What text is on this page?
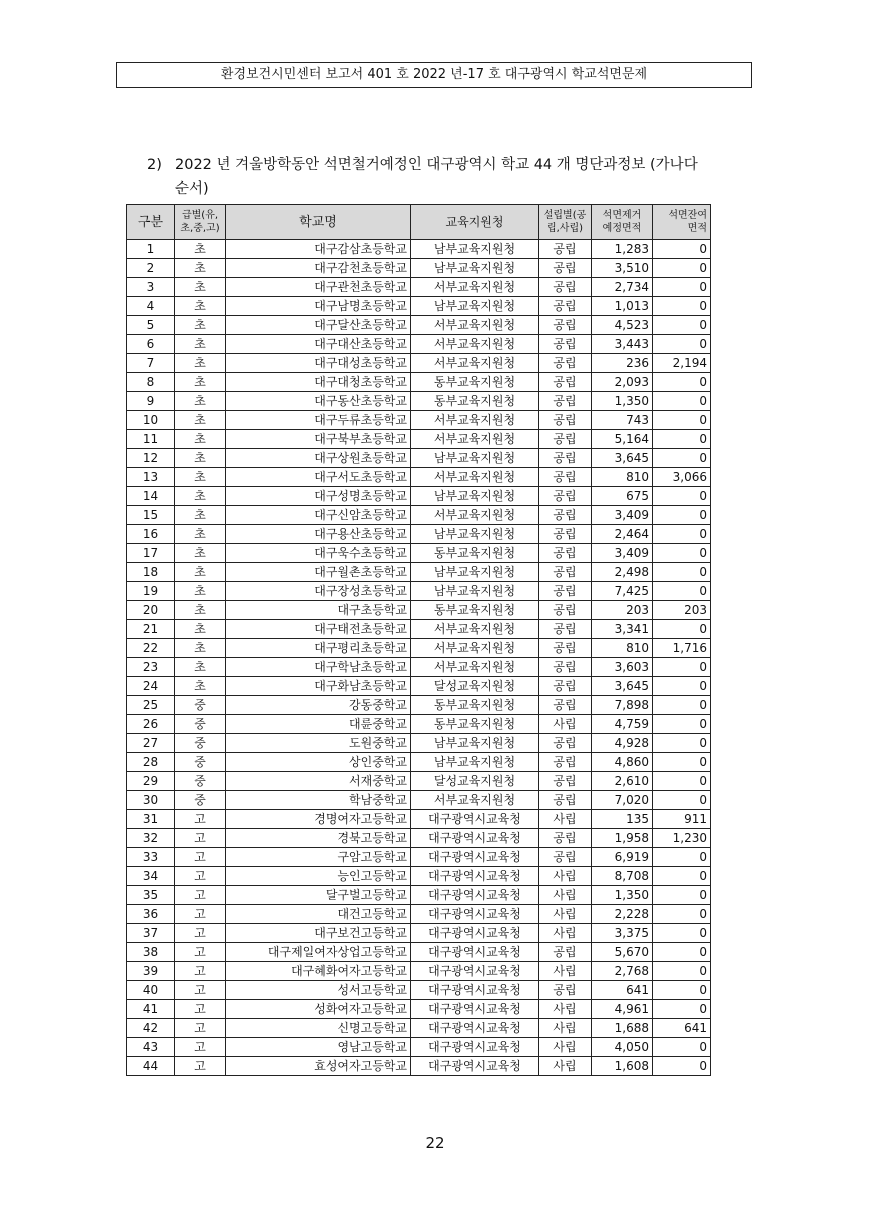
환경보건시민센터 보고서 401 호 2022 년-17 호 대구광역시 학교석면문제
2) 2022 년 겨울방학동안 석면철거예정인 대구광역시 학교 44 개 명단과정보 (가나다
순서)
구분	급별(유,
초,중,고)	학교명	교육지원청	설립별(공
립,사립)	석면제거
예정면적	석면잔여
면적
1	초	대구감삼초등학교	남부교육지원청	공립	1,283	0
2	초	대구감천초등학교	남부교육지원청	공립	3,510	0
3	초	대구관천초등학교	서부교육지원청	공립	2,734	0
4	초	대구남명초등학교	남부교육지원청	공립	1,013	0
5	초	대구달산초등학교	서부교육지원청	공립	4,523	0
6	초	대구대산초등학교	서부교육지원청	공립	3,443	0
7	초	대구대성초등학교	서부교육지원청	공립	236	2,194
8	초	대구대청초등학교	동부교육지원청	공립	2,093	0
9	초	대구동산초등학교	동부교육지원청	공립	1,350	0
10	초	대구두류초등학교	서부교육지원청	공립	743	0
11	초	대구북부초등학교	서부교육지원청	공립	5,164	0
12	초	대구상원초등학교	남부교육지원청	공립	3,645	0
13	초	대구서도초등학교	서부교육지원청	공립	810	3,066
14	초	대구성명초등학교	남부교육지원청	공립	675	0
15	초	대구신암초등학교	서부교육지원청	공립	3,409	0
16	초	대구용산초등학교	남부교육지원청	공립	2,464	0
17	초	대구욱수초등학교	동부교육지원청	공립	3,409	0
18	초	대구월촌초등학교	남부교육지원청	공립	2,498	0
19	초	대구장성초등학교	남부교육지원청	공립	7,425	0
20	초	대구초등학교	동부교육지원청	공립	203	203
21	초	대구태전초등학교	서부교육지원청	공립	3,341	0
22	초	대구평리초등학교	서부교육지원청	공립	810	1,716
23	초	대구학남초등학교	서부교육지원청	공립	3,603	0
24	초	대구화남초등학교	달성교육지원청	공립	3,645	0
25	중	강동중학교	동부교육지원청	공립	7,898	0
26	중	대륜중학교	동부교육지원청	사립	4,759	0
27	중	도원중학교	남부교육지원청	공립	4,928	0
28	중	상인중학교	남부교육지원청	공립	4,860	0
29	중	서재중학교	달성교육지원청	공립	2,610	0
30	중	학남중학교	서부교육지원청	공립	7,020	0
31	고	경명여자고등학교	대구광역시교육청	사립	135	911
32	고	경북고등학교	대구광역시교육청	공립	1,958	1,230
33	고	구암고등학교	대구광역시교육청	공립	6,919	0
34	고	능인고등학교	대구광역시교육청	사립	8,708	0
35	고	달구벌고등학교	대구광역시교육청	사립	1,350	0
36	고	대건고등학교	대구광역시교육청	사립	2,228	0
37	고	대구보건고등학교	대구광역시교육청	사립	3,375	0
38	고	대구제일여자상업고등학교	대구광역시교육청	공립	5,670	0
39	고	대구혜화여자고등학교	대구광역시교육청	사립	2,768	0
40	고	성서고등학교	대구광역시교육청	공립	641	0
41	고	성화여자고등학교	대구광역시교육청	사립	4,961	0
42	고	신명고등학교	대구광역시교육청	사립	1,688	641
43	고	영남고등학교	대구광역시교육청	사립	4,050	0
44	고	효성여자고등학교	대구광역시교육청	사립	1,608	0
22
